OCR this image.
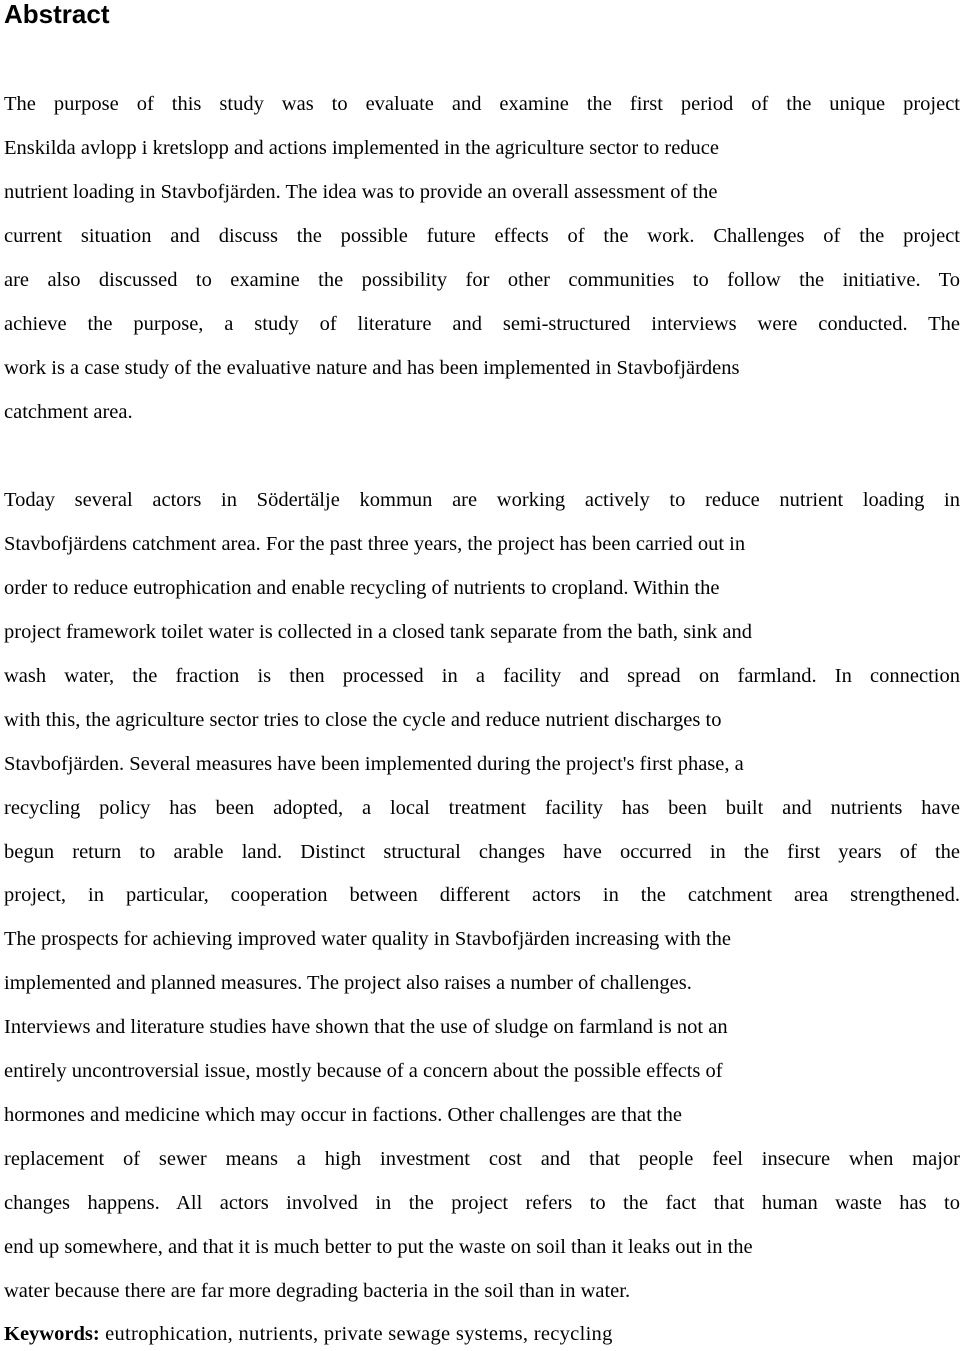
Abstract
The purpose of this study was to evaluate and examine the first period of the unique project
Enskilda avlopp i kretslopp and actions implemented in the agriculture sector to reduce
nutrient loading in Stavbofjärden. The idea was to provide an overall assessment of the
current situation and discuss the possible future effects of the work. Challenges of the project
are also discussed to examine the possibility for other communities to follow the initiative. To
achieve the purpose, a study of literature and semi-structured interviews were conducted. The
work is a case study of the evaluative nature and has been implemented in Stavbofjärdens
catchment area.
Today several actors in Södertälje kommun are working actively to reduce nutrient loading in
Stavbofjärdens catchment area. For the past three years, the project has been carried out in
order to reduce eutrophication and enable recycling of nutrients to cropland. Within the
project framework toilet water is collected in a closed tank separate from the bath, sink and
wash water, the fraction is then processed in a facility and spread on farmland. In connection
with this, the agriculture sector tries to close the cycle and reduce nutrient discharges to
Stavbofjärden. Several measures have been implemented during the project's first phase, a
recycling policy has been adopted, a local treatment facility has been built and nutrients have
begun return to arable land. Distinct structural changes have occurred in the first years of the
project, in particular, cooperation between different actors in the catchment area strengthened.
The prospects for achieving improved water quality in Stavbofjärden increasing with the
implemented and planned measures. The project also raises a number of challenges.
Interviews and literature studies have shown that the use of sludge on farmland is not an
entirely uncontroversial issue, mostly because of a concern about the possible effects of
hormones and medicine which may occur in factions. Other challenges are that the
replacement of sewer means a high investment cost and that people feel insecure when major
changes happens. All actors involved in the project refers to the fact that human waste has to
end up somewhere, and that it is much better to put the waste on soil than it leaks out in the
water because there are far more degrading bacteria in the soil than in water.
Keywords: eutrophication, nutrients, private sewage systems, recycling
